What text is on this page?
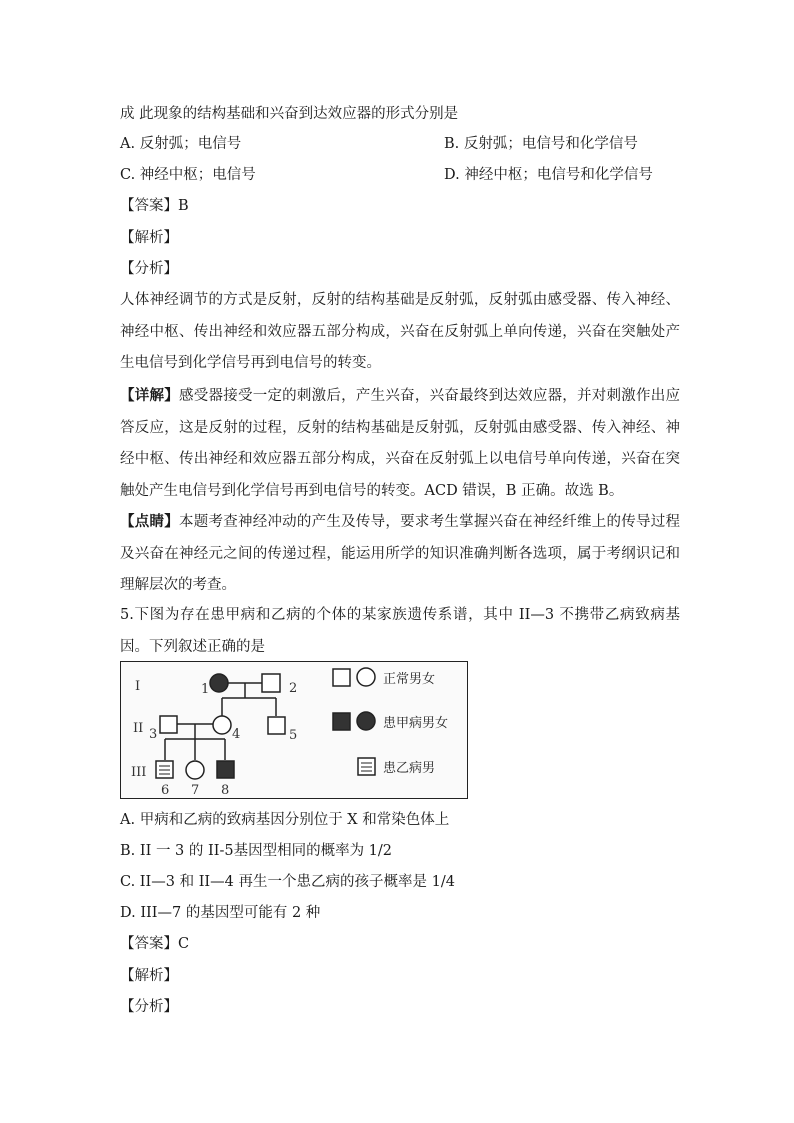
成 此现象的结构基础和兴奋到达效应器的形式分别是
A. 反射弧；电信号	B. 反射弧；电信号和化学信号
C. 神经中枢；电信号	D. 神经中枢；电信号和化学信号
【答案】B
【解析】
【分析】
人体神经调节的方式是反射，反射的结构基础是反射弧，反射弧由感受器、传入神经、神经中枢、传出神经和效应器五部分构成，兴奋在反射弧上单向传递，兴奋在突触处产生电信号到化学信号再到电信号的转变。
【详解】感受器接受一定的刺激后，产生兴奋，兴奋最终到达效应器，并对刺激作出应答反应，这是反射的过程，反射的结构基础是反射弧，反射弧由感受器、传入神经、神经中枢、传出神经和效应器五部分构成，兴奋在反射弧上以电信号单向传递，兴奋在突触处产生电信号到化学信号再到电信号的转变。ACD 错误，B 正确。故选 B。
【点睛】本题考查神经冲动的产生及传导，要求考生掌握兴奋在神经纤维上的传导过程及兴奋在神经元之间的传递过程，能运用所学的知识准确判断各选项，属于考纲识记和理解层次的考查。
5.下图为存在患甲病和乙病的个体的某家族遗传系谱，其中 II—3 不携带乙病致病基因。下列叙述正确的是
I
II
III
1	2
3	4	5
6 7 8
正常男女
患甲病男女
患乙病男
A. 甲病和乙病的致病基因分别位于 X 和常染色体上
B. II 一 3 的 II-5基因型相同的概率为 1/2
C. II—3 和 II—4 再生一个患乙病的孩子概率是 1/4
D. III—7 的基因型可能有 2 种
【答案】C
【解析】
【分析】
